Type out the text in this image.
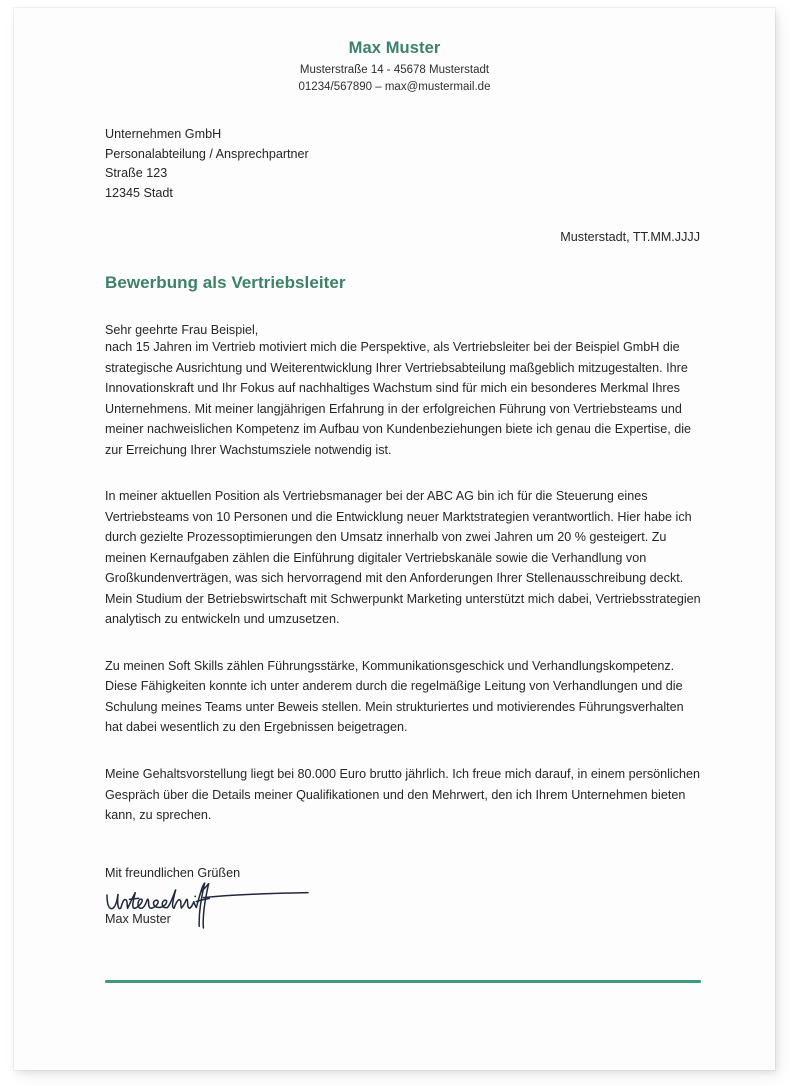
Max Muster
Musterstraße 14 - 45678 Musterstadt
01234/567890 – max@mustermail.de
Unternehmen GmbH
Personalabteilung / Ansprechpartner
Straße 123
12345 Stadt
Musterstadt, TT.MM.JJJJ
Bewerbung als Vertriebsleiter
Sehr geehrte Frau Beispiel,

nach 15 Jahren im Vertrieb motiviert mich die Perspektive, als Vertriebsleiter bei der Beispiel GmbH die strategische Ausrichtung und Weiterentwicklung Ihrer Vertriebsabteilung maßgeblich mitzugestalten. Ihre Innovationskraft und Ihr Fokus auf nachhaltiges Wachstum sind für mich ein besonderes Merkmal Ihres Unternehmens. Mit meiner langjährigen Erfahrung in der erfolgreichen Führung von Vertriebsteams und meiner nachweislichen Kompetenz im Aufbau von Kundenbeziehungen biete ich genau die Expertise, die zur Erreichung Ihrer Wachstumsziele notwendig ist.

In meiner aktuellen Position als Vertriebsmanager bei der ABC AG bin ich für die Steuerung eines Vertriebsteams von 10 Personen und die Entwicklung neuer Marktstrategien verantwortlich. Hier habe ich durch gezielte Prozessoptimierungen den Umsatz innerhalb von zwei Jahren um 20 % gesteigert. Zu meinen Kernaufgaben zählen die Einführung digitaler Vertriebskanäle sowie die Verhandlung von Großkundenverträgen, was sich hervorragend mit den Anforderungen Ihrer Stellenausschreibung deckt. Mein Studium der Betriebswirtschaft mit Schwerpunkt Marketing unterstützt mich dabei, Vertriebsstrategien analytisch zu entwickeln und umzusetzen.

Zu meinen Soft Skills zählen Führungsstärke, Kommunikationsgeschick und Verhandlungskompetenz. Diese Fähigkeiten konnte ich unter anderem durch die regelmäßige Leitung von Verhandlungen und die Schulung meines Teams unter Beweis stellen. Mein strukturiertes und motivierendes Führungsverhalten hat dabei wesentlich zu den Ergebnissen beigetragen.

Meine Gehaltsvorstellung liegt bei 80.000 Euro brutto jährlich. Ich freue mich darauf, in einem persönlichen Gespräch über die Details meiner Qualifikationen und den Mehrwert, den ich Ihrem Unternehmen bieten kann, zu sprechen.

Mit freundlichen Grüßen
Max Muster
